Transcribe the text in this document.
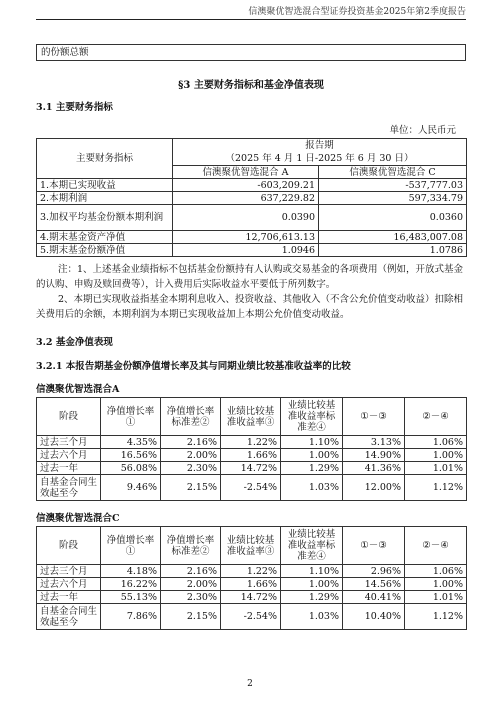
信澳聚优智选混合型证券投资基金2025年第2季度报告
的份额总额
§3 主要财务指标和基金净值表现
3.1 主要财务指标
单位：人民币元
主要财务指标	报告期	
	（2025 年 4 月 1 日-2025 年 6 月 30 日）	
	信澳聚优智选混合 A	信澳聚优智选混合 C
1.本期已实现收益	-603,209.21	-537,777.03
2.本期利润	637,229.82	597,334.79
3.加权平均基金份额本期利润	0.0390	0.0360
4.期末基金资产净值	12,706,613.13	16,483,007.08
5.期末基金份额净值	1.0946	1.0786
注：1、上述基金业绩指标不包括基金份额持有人认购或交易基金的各项费用（例如，开放式基金的认购、申购及赎回费等），计入费用后实际收益水平要低于所列数字。
2、本期已实现收益指基金本期利息收入、投资收益、其他收入（不含公允价值变动收益）扣除相关费用后的余额，本期利润为本期已实现收益加上本期公允价值变动收益。
3.2 基金净值表现
3.2.1 本报告期基金份额净值增长率及其与同期业绩比较基准收益率的比较
信澳聚优智选混合A
阶段	净值增长率①	净值增长率标准差②	业绩比较基准收益率③	业绩比较基准收益率标准差④	①－③	②－④
过去三个月	4.35%	2.16%	1.22%	1.10%	3.13%	1.06%
过去六个月	16.56%	2.00%	1.66%	1.00%	14.90%	1.00%
过去一年	56.08%	2.30%	14.72%	1.29%	41.36%	1.01%
自基金合同生效起至今	9.46%	2.15%	-2.54%	1.03%	12.00%	1.12%
信澳聚优智选混合C
阶段	净值增长率①	净值增长率标准差②	业绩比较基准收益率③	业绩比较基准收益率标准差④	①－③	②－④
过去三个月	4.18%	2.16%	1.22%	1.10%	2.96%	1.06%
过去六个月	16.22%	2.00%	1.66%	1.00%	14.56%	1.00%
过去一年	55.13%	2.30%	14.72%	1.29%	40.41%	1.01%
自基金合同生效起至今	7.86%	2.15%	-2.54%	1.03%	10.40%	1.12%
2
